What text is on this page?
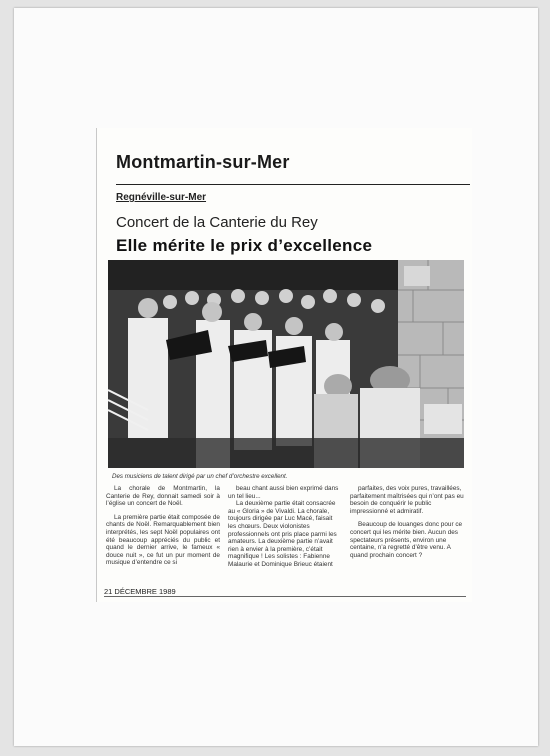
Montmartin-sur-Mer
Regnéville-sur-Mer
Concert de la Canterie du Rey
Elle mérite le prix d’excellence
Des musiciens de talent dirigé par un chef d’orchestre excellent.

La chorale de Montmartin, la Canterie de Rey, donnait samedi soir à l’église un concert de Noël.

La première partie était composée de chants de Noël. Remarquablement bien interprétés, les sept Noël populaires ont été beaucoup appréciés du public et quand le dernier arrive, le fameux « douce nuit », ce fut un pur moment de musique d’entendre ce si

beau chant aussi bien exprimé dans un tel lieu...

La deuxième partie était consacrée au « Gloria » de Vivaldi. La chorale, toujours dirigée par Luc Macé, faisait les chœurs. Deux violonistes professionnels ont pris place parmi les amateurs. La deuxième partie n’avait rien à envier à la première, c’était magnifique ! Les solistes : Fabienne Malaurie et Dominique Brieuc étaient

parfaites, des voix pures, travaillées, parfaitement maîtrisées qui n’ont pas eu besoin de conquérir le public impressionné et admiratif.

Beaucoup de louanges donc pour ce concert qui les mérite bien. Aucun des spectateurs présents, environ une centaine, n’a regretté d’être venu. A quand prochain concert ?

21 DÉCEMBRE 1989
